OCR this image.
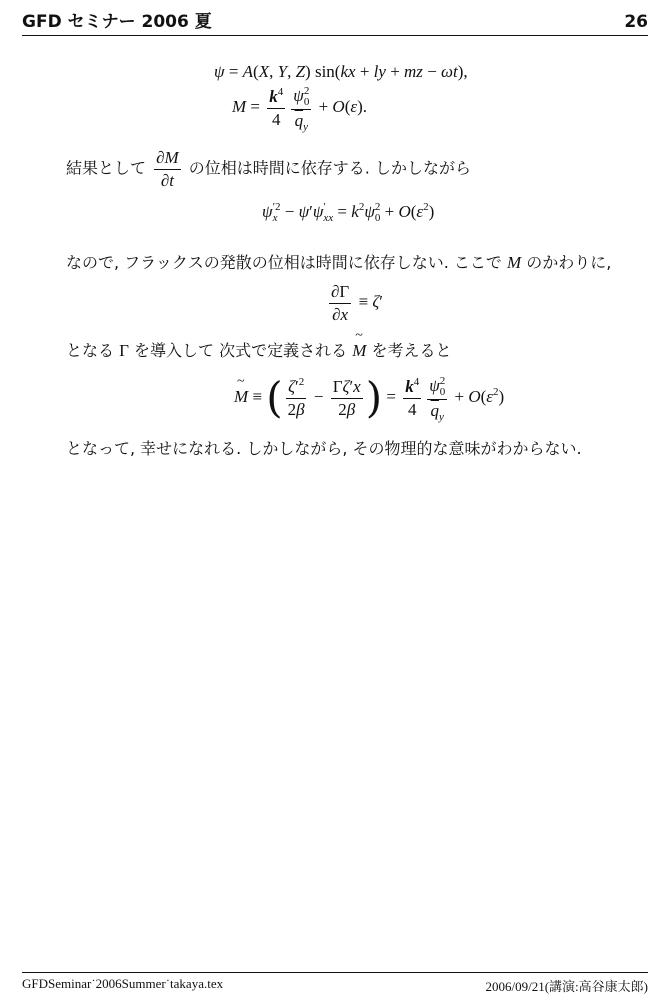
GFD セミナー 2006 夏	26
ψ = A(X, Y, Z) sin(kx + ly + mz − ωt),
$M = \frac{k^4}{4}$ ψ 2
0
$\overline{q}_y + O(\varepsilon)$.
結果として $\frac{\partial M}{\partial t}$ の位相は時間に依存する. しかしながら
ψ ′2
x − ψ′ψ ′
xx = $k^2\psi$ 2
$0 + O(\varepsilon^2)$
なので, フラックスの発散の位相は時間に依存しない. ここで M のかわりに,
$\frac{\partial\Gamma}{\partial x} \equiv \zeta'$
となる Γ を導入して 次式で定義される M ~ を考えると
M ~ ≡ ( $\frac{\zeta'^2}{2\beta} - \frac{\Gamma\zeta'x}{2\beta}$ ) = $\frac{k^4}{4}$ ψ 2
0
$\overline{q}_y + O(\varepsilon^2)$
となって, 幸せになれる. しかしながら, その物理的な意味がわからない.
GFDSeminar˙2006Summer˙takaya.tex	2006/09/21(講演:高谷康太郎)
